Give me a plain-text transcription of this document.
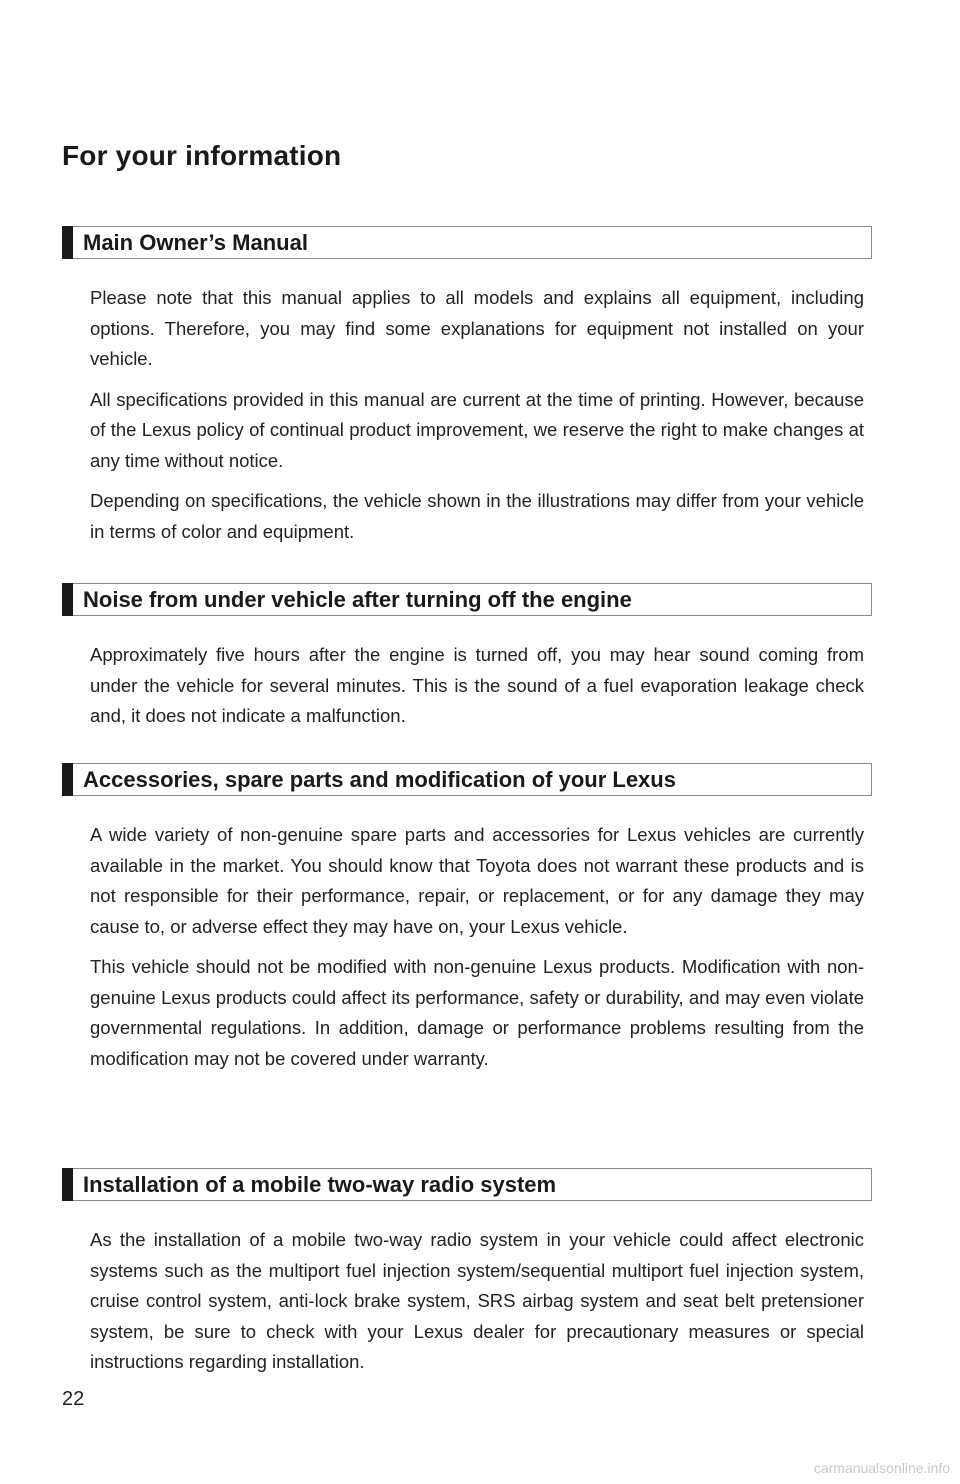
For your information
Main Owner’s Manual

Please note that this manual applies to all models and explains all equipment, including options. Therefore, you may find some explanations for equipment not installed on your vehicle.

All specifications provided in this manual are current at the time of printing. However, because of the Lexus policy of continual product improvement, we reserve the right to make changes at any time without notice.

Depending on specifications, the vehicle shown in the illustrations may differ from your vehicle in terms of color and equipment.

Noise from under vehicle after turning off the engine

Approximately five hours after the engine is turned off, you may hear sound coming from under the vehicle for several minutes. This is the sound of a fuel evaporation leakage check and, it does not indicate a malfunction.

Accessories, spare parts and modification of your Lexus

A wide variety of non-genuine spare parts and accessories for Lexus vehicles are currently available in the market. You should know that Toyota does not warrant these products and is not responsible for their performance, repair, or replacement, or for any damage they may cause to, or adverse effect they may have on, your Lexus vehicle.

This vehicle should not be modified with non-genuine Lexus products. Modification with non-genuine Lexus products could affect its performance, safety or durability, and may even violate governmental regulations. In addition, damage or performance problems resulting from the modification may not be covered under warranty.

Installation of a mobile two-way radio system

As the installation of a mobile two-way radio system in your vehicle could affect electronic systems such as the multiport fuel injection system/sequential multiport fuel injection system, cruise control system, anti-lock brake system, SRS airbag system and seat belt pretensioner system, be sure to check with your Lexus dealer for precautionary measures or special instructions regarding installation.

22
carmanualsonline.info
